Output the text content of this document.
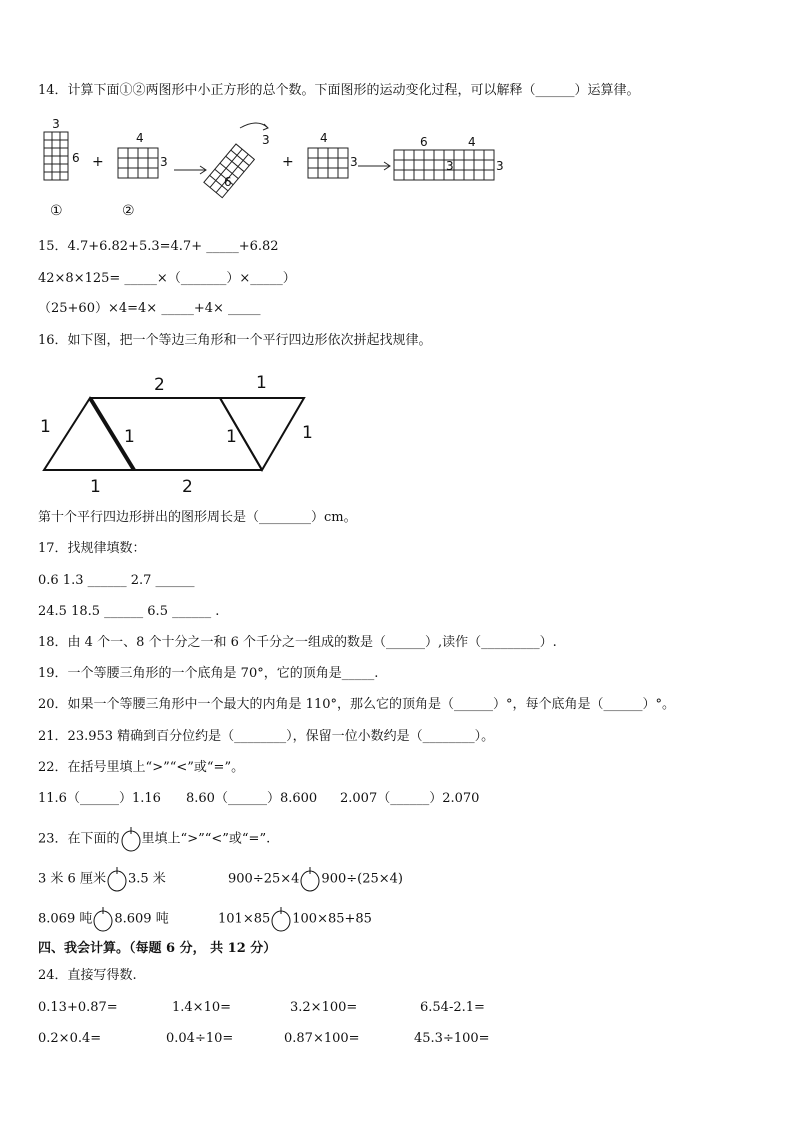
14．计算下面①②两图形中小正方形的总个数。下面图形的运动变化过程，可以解释（______）运算律。
3
6 +
4
3
3
6
+
4
3
6	4
3	3
①	②
15．4.7+6.82+5.3=4.7+ _____+6.82
42×8×125= _____×（_______）×_____）
（25+60）×4=4× _____+4× _____
16．如下图，把一个等边三角形和一个平行四边形依次拼起找规律。
1
2	1
1	1	1
1	2
第十个平行四边形拼出的图形周长是（________）cm。
17．找规律填数：
0.6 1.3 ______ 2.7 ______
24.5 18.5 ______ 6.5 ______ .
18．由 4 个一、8 个十分之一和 6 个千分之一组成的数是（______）,读作（_________）.
19．一个等腰三角形的一个底角是 70°，它的顶角是_____.
20．如果一个等腰三角形中一个最大的内角是 110°，那么它的顶角是（______）°，每个底角是（______）°。
21．23.953 精确到百分位约是（________），保留一位小数约是（________）。
22．在括号里填上“>”“<”或“=”。
11.6（______）1.16 8.60（______）8.600 2.007（______）2.070
23．在下面的 里填上“>”“<”或“=”.
3 米 6 厘米 3.5 米	900÷25×4 900÷(25×4)
8.069 吨 8.609 吨	101×85 100×85+85
四、我会计算。（每题 6 分， 共 12 分）
24．直接写得数.
0.13+0.87=	1.4×10=	3.2×100=	6.54-2.1=
0.2×0.4=	0.04÷10=	0.87×100=	45.3÷100=
